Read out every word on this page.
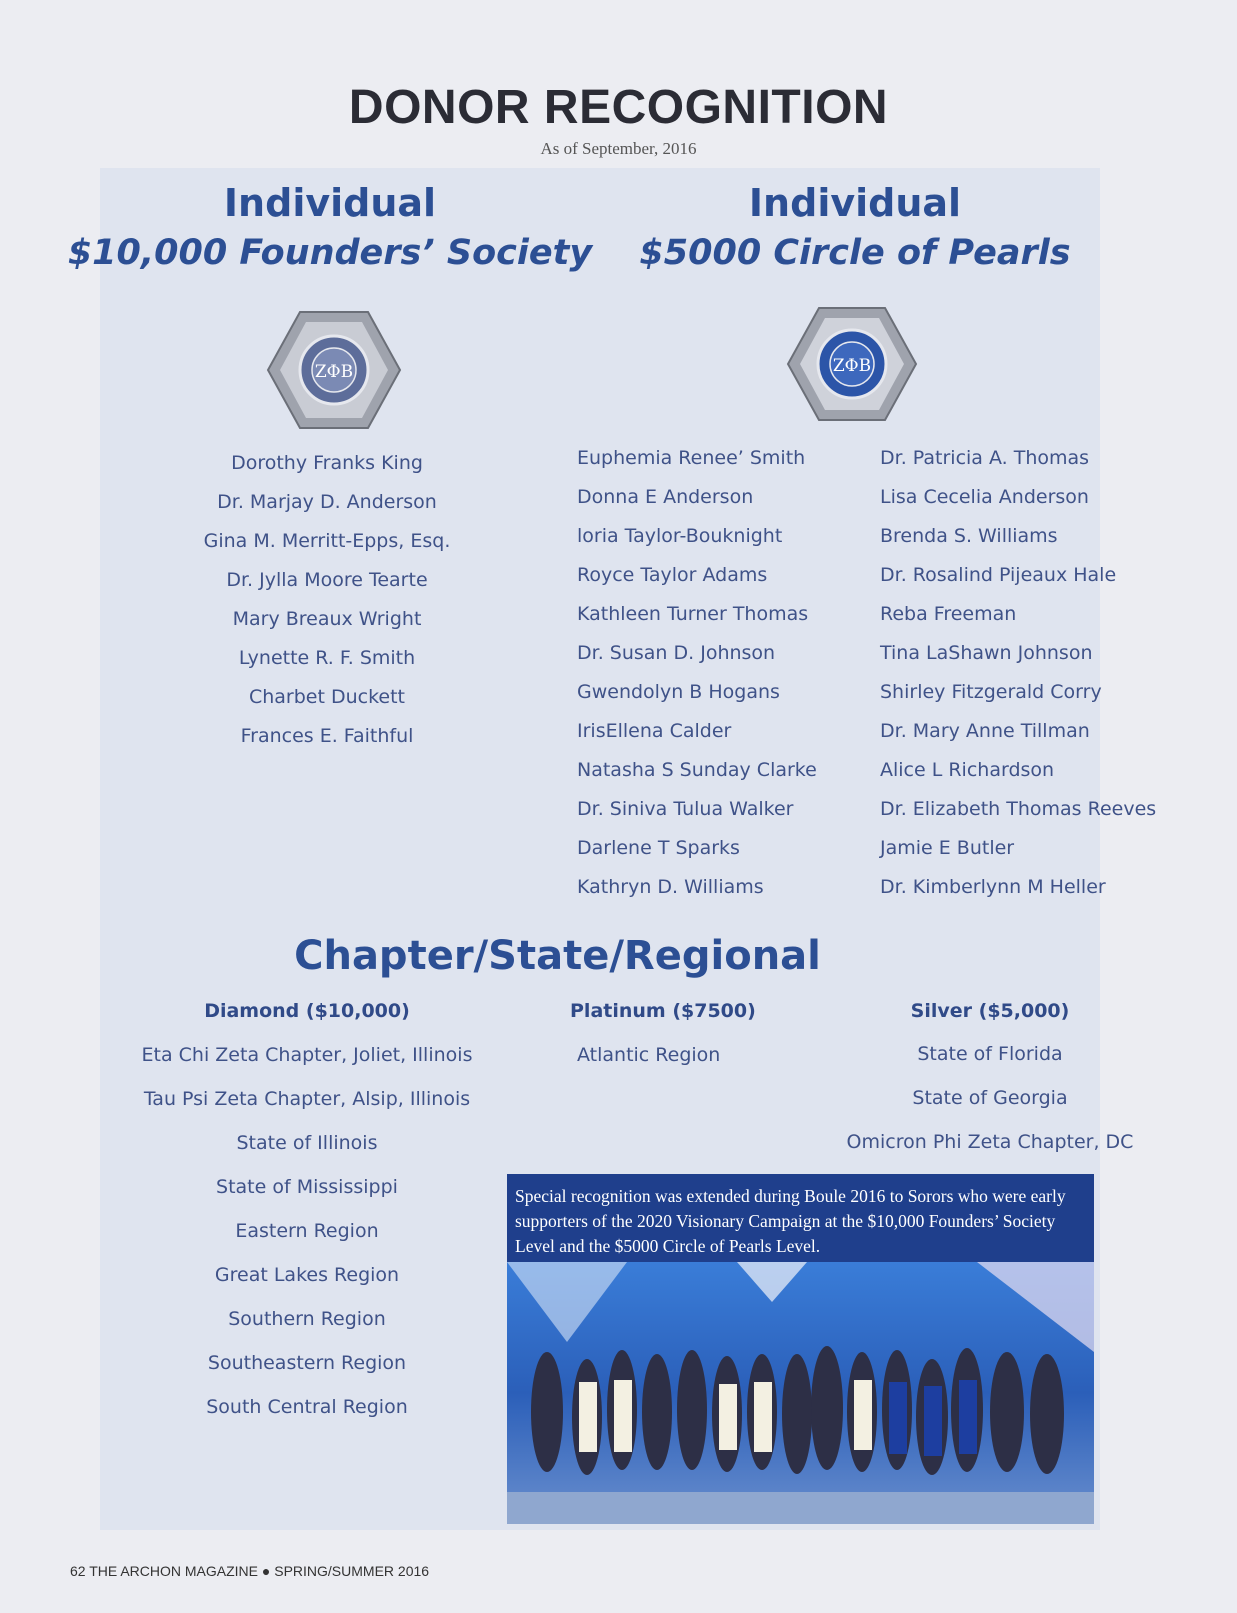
DONOR RECOGNITION
As of September, 2016
Individual
$10,000 Founders’ Society
ZΦB
Dorothy Franks King
Dr. Marjay D. Anderson
Gina M. Merritt-Epps, Esq.
Dr. Jylla Moore Tearte
Mary Breaux Wright
Lynette R. F. Smith
Charbet Duckett
Frances E. Faithful
Individual
$5000 Circle of Pearls
ZΦB
Euphemia Renee’ Smith
Donna E Anderson
loria Taylor-Bouknight
Royce Taylor Adams
Kathleen Turner Thomas
Dr. Susan D. Johnson
Gwendolyn B Hogans
IrisEllena Calder
Natasha S Sunday Clarke
Dr. Siniva Tulua Walker
Darlene T Sparks
Kathryn D. Williams
Dr. Patricia A. Thomas
Lisa Cecelia Anderson
Brenda S. Williams
Dr. Rosalind Pijeaux Hale
Reba Freeman
Tina LaShawn Johnson
Shirley Fitzgerald Corry
Dr. Mary Anne Tillman
Alice L Richardson
Dr. Elizabeth Thomas Reeves
Jamie E Butler
Dr. Kimberlynn M Heller
Chapter/State/Regional
Diamond ($10,000)
Eta Chi Zeta Chapter, Joliet, Illinois
Tau Psi Zeta Chapter, Alsip, Illinois
State of Illinois
State of Mississippi
Eastern Region
Great Lakes Region
Southern Region
Southeastern Region
South Central Region
Platinum ($7500)
Atlantic Region
Silver ($5,000)
State of Florida
State of Georgia
Omicron Phi Zeta Chapter, DC
Special recognition was extended during Boule 2016 to Sorors who were early supporters of the 2020 Visionary Campaign at the $10,000 Founders’ Society Level and the $5000 Circle of Pearls Level.
62 THE ARCHON MAGAZINE ● SPRING/SUMMER 2016
